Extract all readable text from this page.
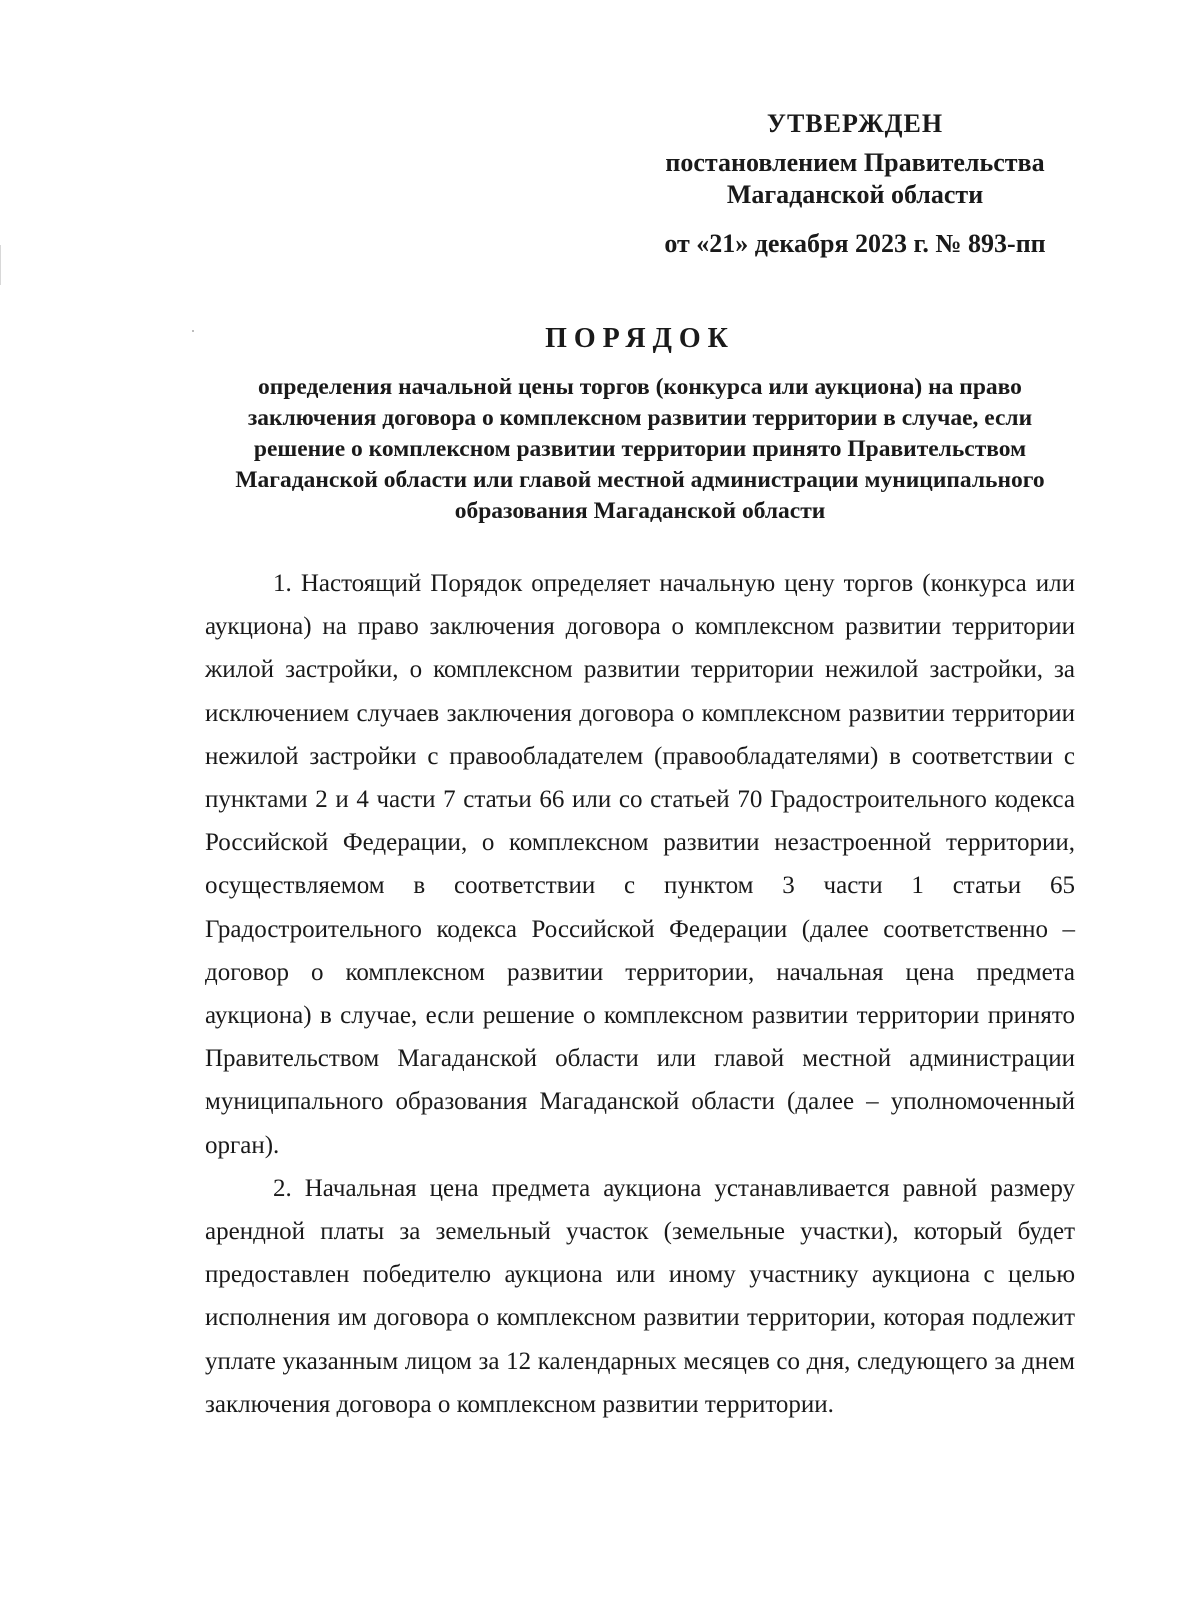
УТВЕРЖДЕН
постановлением Правительства
Магаданской области
от «21» декабря 2023 г. № 893-пп
ПОРЯДОК
определения начальной цены торгов (конкурса или аукциона) на право заключения договора о комплексном развитии территории в случае, если решение о комплексном развитии территории принято Правительством Магаданской области или главой местной администрации муниципального образования Магаданской области

1. Настоящий Порядок определяет начальную цену торгов (конкурса или аукциона) на право заключения договора о комплексном развитии территории жилой застройки, о комплексном развитии территории нежилой застройки, за исключением случаев заключения договора о комплексном развитии территории нежилой застройки с правообладателем (правообладателями) в соответствии с пунктами 2 и 4 части 7 статьи 66 или со статьей 70 Градостроительного кодекса Российской Федерации, о комплексном развитии незастроенной территории, осуществляемом в соответствии с пунктом 3 части 1 статьи 65 Градостроительного кодекса Российской Федерации (далее соответственно – договор о комплексном развитии территории, начальная цена предмета аукциона) в случае, если решение о комплексном развитии территории принято Правительством Магаданской области или главой местной администрации муниципального образования Магаданской области (далее – уполномоченный орган).

2. Начальная цена предмета аукциона устанавливается равной размеру арендной платы за земельный участок (земельные участки), который будет предоставлен победителю аукциона или иному участнику аукциона с целью исполнения им договора о комплексном развитии территории, которая подлежит уплате указанным лицом за 12 календарных месяцев со дня, следующего за днем заключения договора о комплексном развитии территории.
